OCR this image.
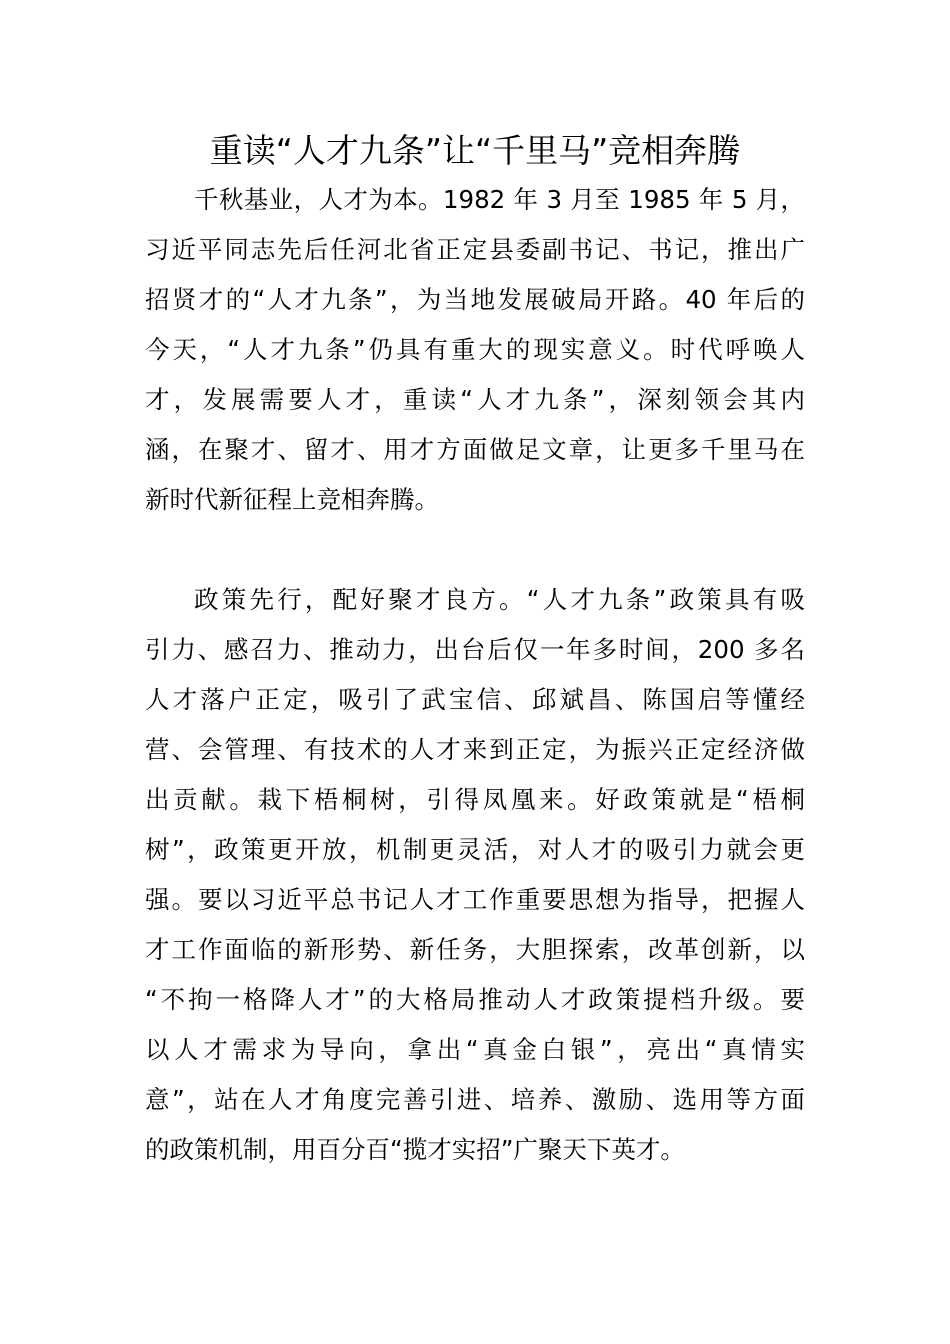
重读“人才九条”让“千里马”竞相奔腾

千秋基业，人才为本。1982 年 3 月至 1985 年 5 月，

习近平同志先后任河北省正定县委副书记、书记，推出广

招贤才的“人才九条”，为当地发展破局开路。40 年后的

今天，“人才九条”仍具有重大的现实意义。时代呼唤人

才，发展需要人才，重读“人才九条”，深刻领会其内

涵，在聚才、留才、用才方面做足文章，让更多千里马在

新时代新征程上竞相奔腾。

政策先行，配好聚才良方。“人才九条”政策具有吸

引力、感召力、推动力，出台后仅一年多时间，200 多名

人才落户正定，吸引了武宝信、邱斌昌、陈国启等懂经

营、会管理、有技术的人才来到正定，为振兴正定经济做

出贡献。栽下梧桐树，引得凤凰来。好政策就是“梧桐

树”，政策更开放，机制更灵活，对人才的吸引力就会更

强。要以习近平总书记人才工作重要思想为指导，把握人

才工作面临的新形势、新任务，大胆探索，改革创新，以

“不拘一格降人才”的大格局推动人才政策提档升级。要

以人才需求为导向，拿出“真金白银”，亮出“真情实

意”，站在人才角度完善引进、培养、激励、选用等方面

的政策机制，用百分百“揽才实招”广聚天下英才。
